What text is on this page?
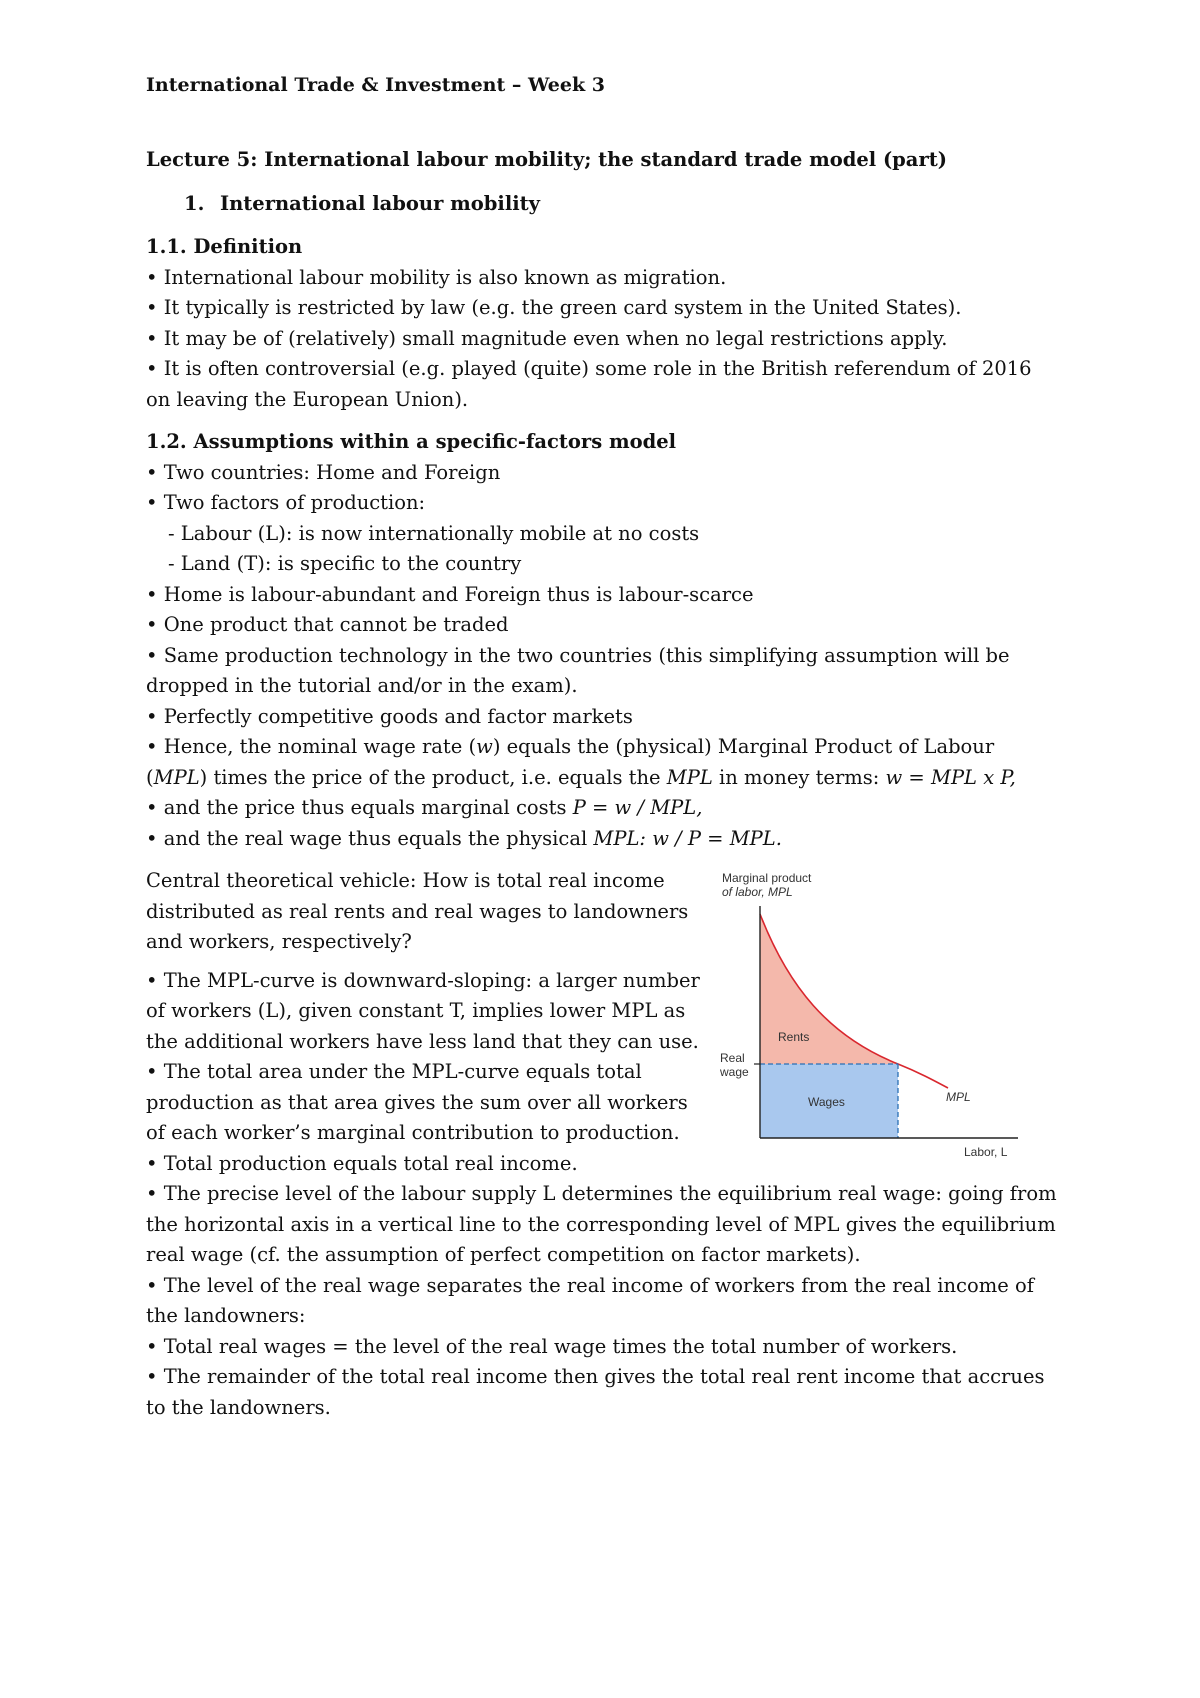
International Trade & Investment – Week 3
Lecture 5: International labour mobility; the standard trade model (part)
1. International labour mobility
1.1. Definition

• International labour mobility is also known as migration.

• It typically is restricted by law (e.g. the green card system in the United States).

• It may be of (relatively) small magnitude even when no legal restrictions apply.

• It is often controversial (e.g. played (quite) some role in the British referendum of 2016 on leaving the European Union).

1.2. Assumptions within a specific-factors model

• Two countries: Home and Foreign

• Two factors of production:

- Labour (L): is now internationally mobile at no costs

- Land (T): is specific to the country

• Home is labour-abundant and Foreign thus is labour-scarce

• One product that cannot be traded

• Same production technology in the two countries (this simplifying assumption will be dropped in the tutorial and/or in the exam).

• Perfectly competitive goods and factor markets

• Hence, the nominal wage rate (w) equals the (physical) Marginal Product of Labour (MPL) times the price of the product, i.e. equals the MPL in money terms: w = MPL x P,

• and the price thus equals marginal costs P = w / MPL,

• and the real wage thus equals the physical MPL: w / P = MPL.

Marginal product
of labor, MPL
Real
wage
Rents
Wages	MPL
Labor, L

Central theoretical vehicle: How is total real income distributed as real rents and real wages to landowners and workers, respectively?

• The MPL-curve is downward-sloping: a larger number of workers (L), given constant T, implies lower MPL as the additional workers have less land that they can use.

• The total area under the MPL-curve equals total production as that area gives the sum over all workers of each worker’s marginal contribution to production.

• Total production equals total real income.

• The precise level of the labour supply L determines the equilibrium real wage: going from the horizontal axis in a vertical line to the corresponding level of MPL gives the equilibrium real wage (cf. the assumption of perfect competition on factor markets).

• The level of the real wage separates the real income of workers from the real income of the landowners:

• Total real wages = the level of the real wage times the total number of workers.

• The remainder of the total real income then gives the total real rent income that accrues to the landowners.
